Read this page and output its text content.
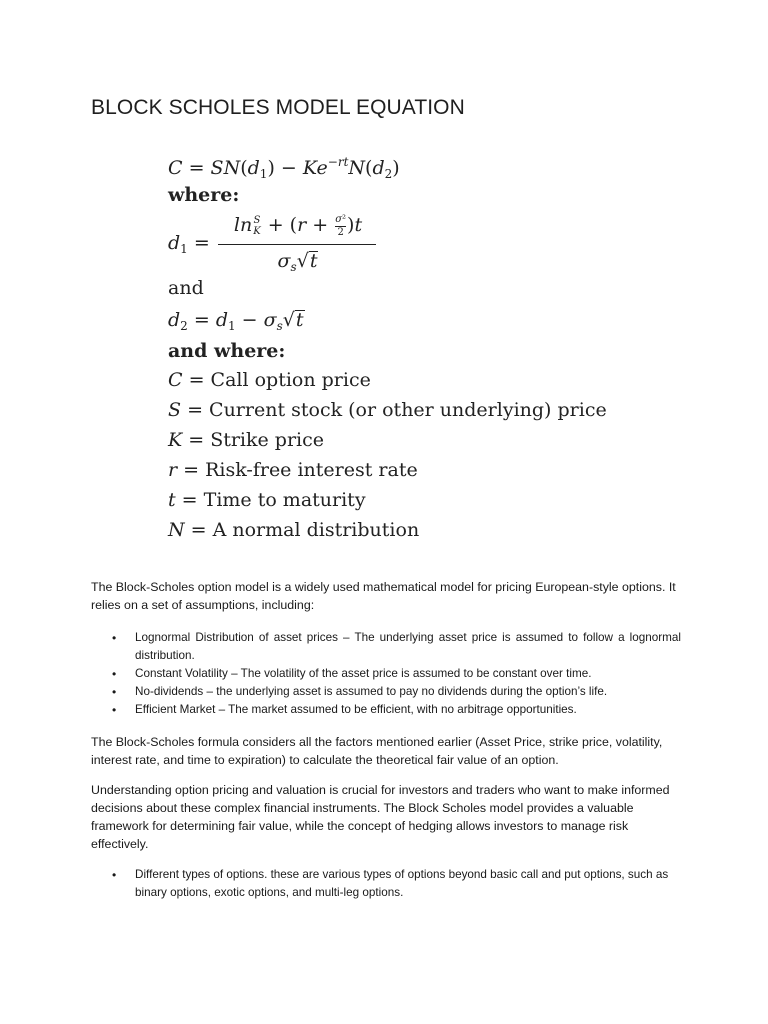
BLOCK SCHOLES MODEL EQUATION
$C = SN(d_1) - Ke^{-rt}N(d_2)$
where:
$d_1$ =
lnS
K + (r + σ²
2 )t
$\sigma_s√t$
and
$d_2 = d_1 - \sigma_s√t$
and where:
C = Call option price
S = Current stock (or other underlying) price
K = Strike price
r = Risk-free interest rate
t = Time to maturity
N = A normal distribution

The Block-Scholes option model is a widely used mathematical model for pricing European-style options. It relies on a set of assumptions, including:

• Lognormal Distribution of asset prices – The underlying asset price is assumed to follow a lognormal distribution.
• Constant Volatility – The volatility of the asset price is assumed to be constant over time.
• No-dividends – the underlying asset is assumed to pay no dividends during the option’s life.
• Efficient Market – The market assumed to be efficient, with no arbitrage opportunities.

The Block-Scholes formula considers all the factors mentioned earlier (Asset Price, strike price, volatility, interest rate, and time to expiration) to calculate the theoretical fair value of an option.

Understanding option pricing and valuation is crucial for investors and traders who want to make informed decisions about these complex financial instruments. The Block Scholes model provides a valuable framework for determining fair value, while the concept of hedging allows investors to manage risk effectively.

• Different types of options. these are various types of options beyond basic call and put options, such as binary options, exotic options, and multi-leg options.
